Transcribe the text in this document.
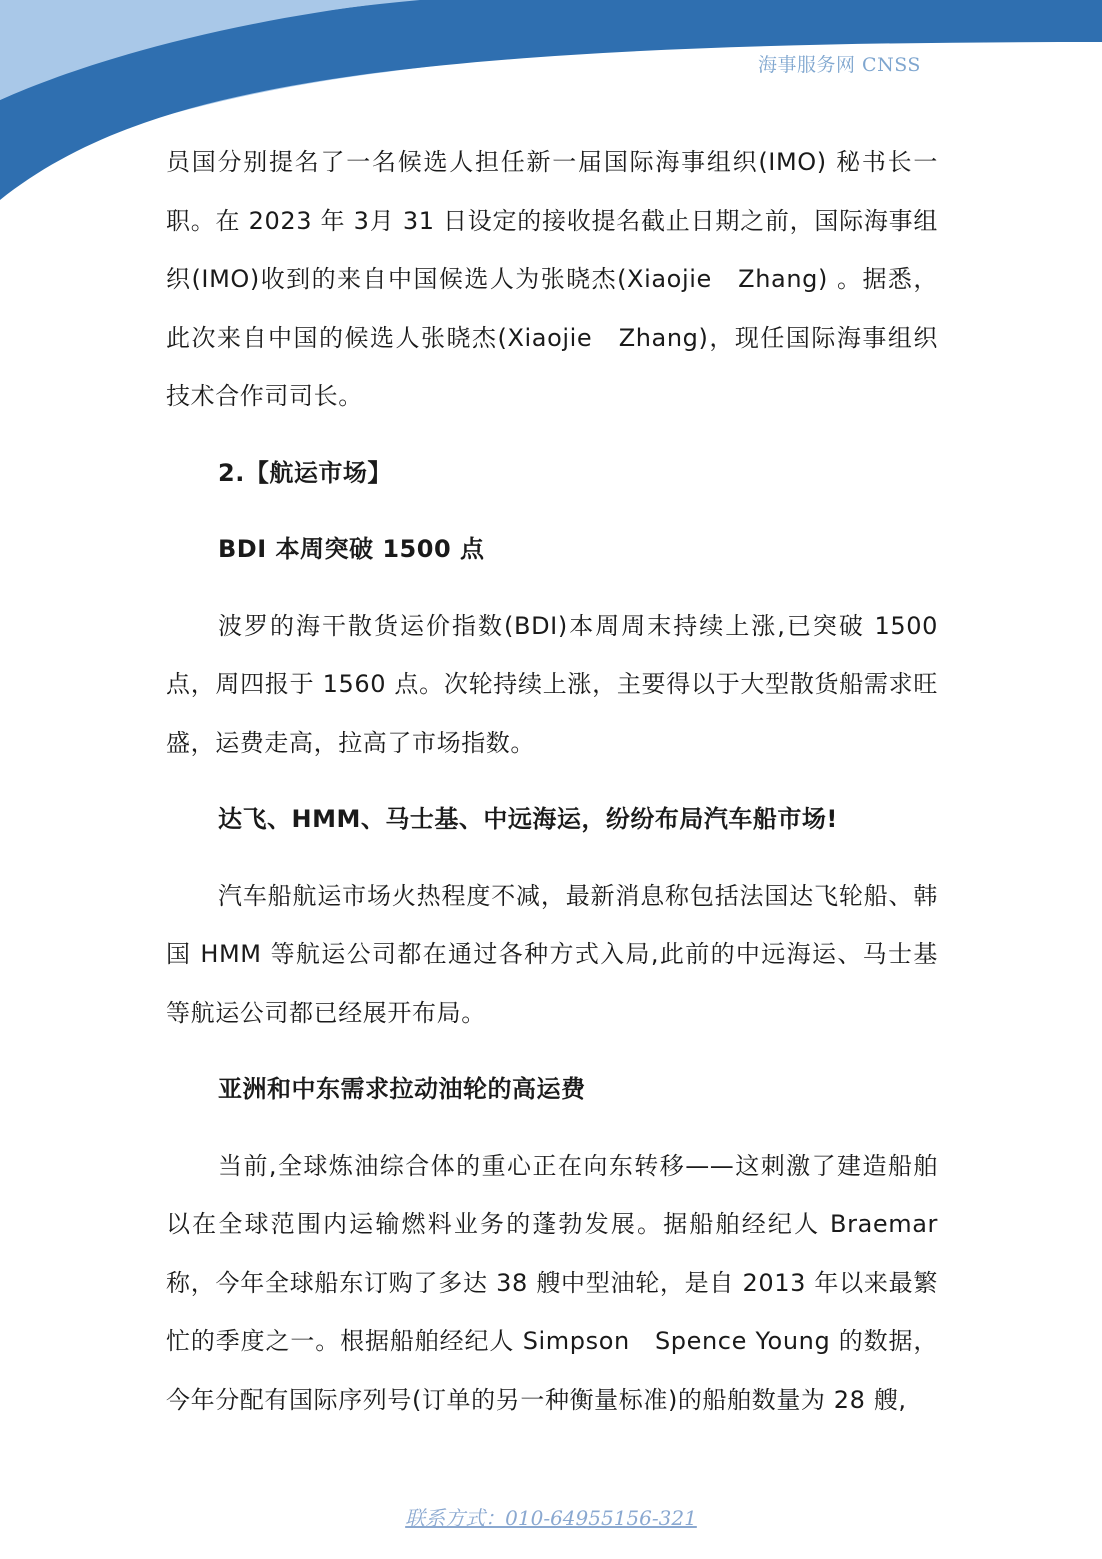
海事服务网 CNSS

员国分别提名了一名候选人担任新一届国际海事组织(IMO) 秘书长一职。在 2023 年 3月 31 日设定的接收提名截止日期之前，国际海事组织(IMO)收到的来自中国候选人为张晓杰(Xiaojie　Zhang) 。据悉，此次来自中国的候选人张晓杰(Xiaojie　Zhang)，现任国际海事组织技术合作司司长。

2.【航运市场】
BDI 本周突破 1500 点

波罗的海干散货运价指数(BDI)本周周末持续上涨,已突破 1500 点，周四报于 1560 点。次轮持续上涨，主要得以于大型散货船需求旺盛，运费走高，拉高了市场指数。

达飞、HMM、马士基、中远海运，纷纷布局汽车船市场!

汽车船航运市场火热程度不减，最新消息称包括法国达飞轮船、韩国 HMM 等航运公司都在通过各种方式入局,此前的中远海运、马士基等航运公司都已经展开布局。

亚洲和中东需求拉动油轮的高运费

当前,全球炼油综合体的重心正在向东转移——这刺激了建造船舶以在全球范围内运输燃料业务的蓬勃发展。据船舶经纪人 Braemar 称，今年全球船东订购了多达 38 艘中型油轮，是自 2013 年以来最繁忙的季度之一。根据船舶经纪人 Simpson　Spence Young 的数据，今年分配有国际序列号(订单的另一种衡量标准)的船舶数量为 28 艘,

联系方式：010-64955156-321
